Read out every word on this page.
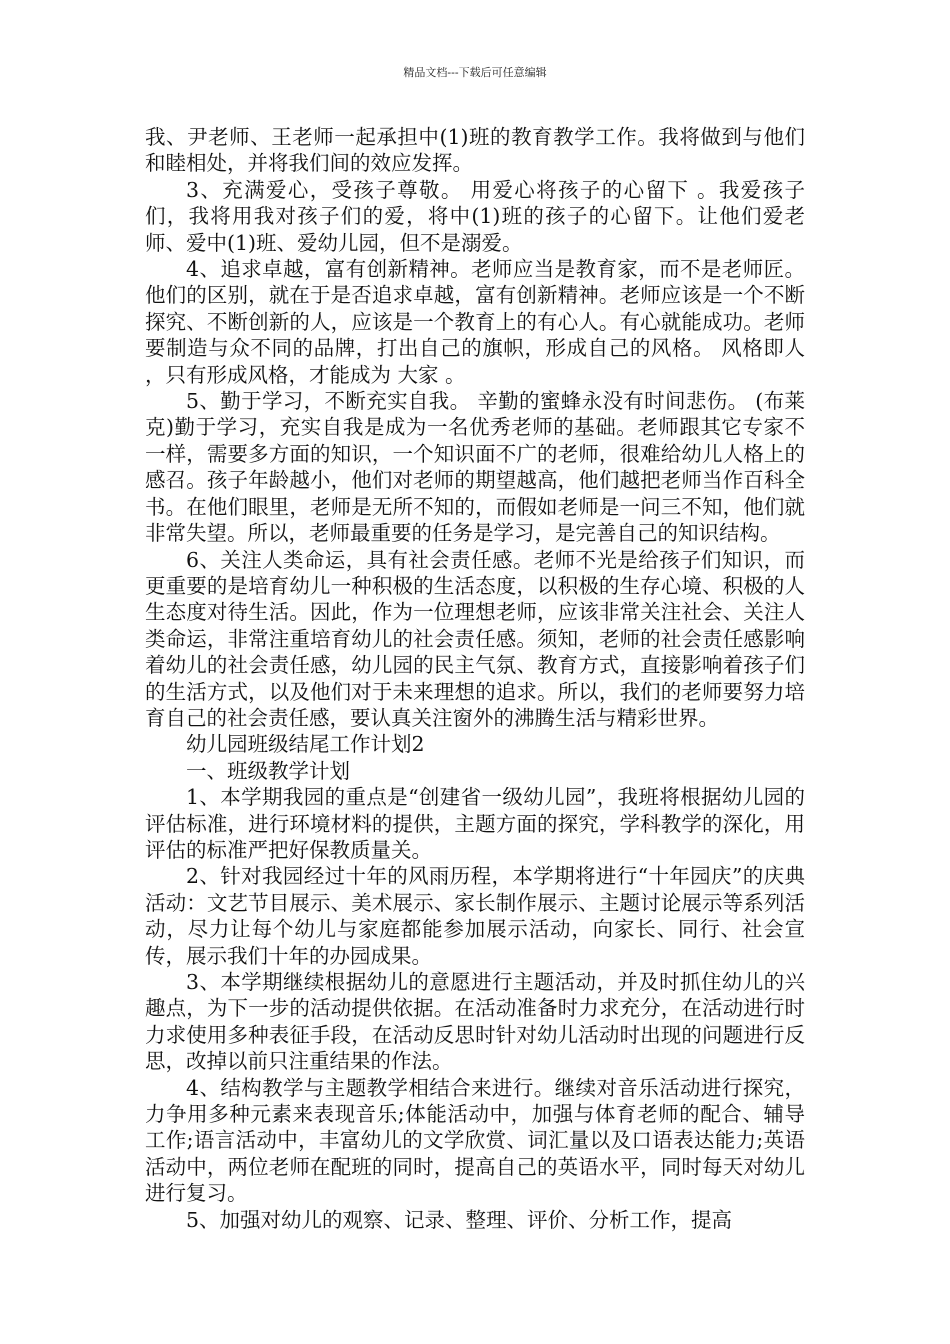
精品文档---下载后可任意编辑

我、尹老师、王老师一起承担中(1)班的教育教学工作。我将做到与他们和睦相处，并将我们间的效应发挥。

3、充满爱心，受孩子尊敬。 用爱心将孩子的心留下 。我爱孩子们，我将用我对孩子们的爱，将中(1)班的孩子的心留下。让他们爱老师、爱中(1)班、爱幼儿园，但不是溺爱。

4、追求卓越，富有创新精神。老师应当是教育家，而不是老师匠。他们的区别，就在于是否追求卓越，富有创新精神。老师应该是一个不断探究、不断创新的人，应该是一个教育上的有心人。有心就能成功。老师要制造与众不同的品牌，打出自己的旗帜，形成自己的风格。 风格即人 ，只有形成风格，才能成为 大家 。

5、勤于学习，不断充实自我。 辛勤的蜜蜂永没有时间悲伤。 (布莱克)勤于学习，充实自我是成为一名优秀老师的基础。老师跟其它专家不一样，需要多方面的知识，一个知识面不广的老师，很难给幼儿人格上的感召。孩子年龄越小，他们对老师的期望越高，他们越把老师当作百科全书。在他们眼里，老师是无所不知的，而假如老师是一问三不知，他们就非常失望。所以，老师最重要的任务是学习，是完善自己的知识结构。

6、关注人类命运，具有社会责任感。老师不光是给孩子们知识，而更重要的是培育幼儿一种积极的生活态度，以积极的生存心境、积极的人生态度对待生活。因此，作为一位理想老师，应该非常关注社会、关注人类命运，非常注重培育幼儿的社会责任感。须知，老师的社会责任感影响着幼儿的社会责任感，幼儿园的民主气氛、教育方式，直接影响着孩子们的生活方式，以及他们对于未来理想的追求。所以，我们的老师要努力培育自己的社会责任感，要认真关注窗外的沸腾生活与精彩世界。

幼儿园班级结尾工作计划2

一、班级教学计划

1、本学期我园的重点是“创建省一级幼儿园”，我班将根据幼儿园的评估标准，进行环境材料的提供，主题方面的探究，学科教学的深化，用评估的标准严把好保教质量关。

2、针对我园经过十年的风雨历程，本学期将进行“十年园庆”的庆典活动：文艺节目展示、美术展示、家长制作展示、主题讨论展示等系列活动，尽力让每个幼儿与家庭都能参加展示活动，向家长、同行、社会宣传，展示我们十年的办园成果。

3、本学期继续根据幼儿的意愿进行主题活动，并及时抓住幼儿的兴趣点，为下一步的活动提供依据。在活动准备时力求充分，在活动进行时力求使用多种表征手段，在活动反思时针对幼儿活动时出现的问题进行反思，改掉以前只注重结果的作法。

4、结构教学与主题教学相结合来进行。继续对音乐活动进行探究，力争用多种元素来表现音乐;体能活动中，加强与体育老师的配合、辅导工作;语言活动中，丰富幼儿的文学欣赏、词汇量以及口语表达能力;英语活动中，两位老师在配班的同时，提高自己的英语水平，同时每天对幼儿进行复习。

5、加强对幼儿的观察、记录、整理、评价、分析工作，提高
